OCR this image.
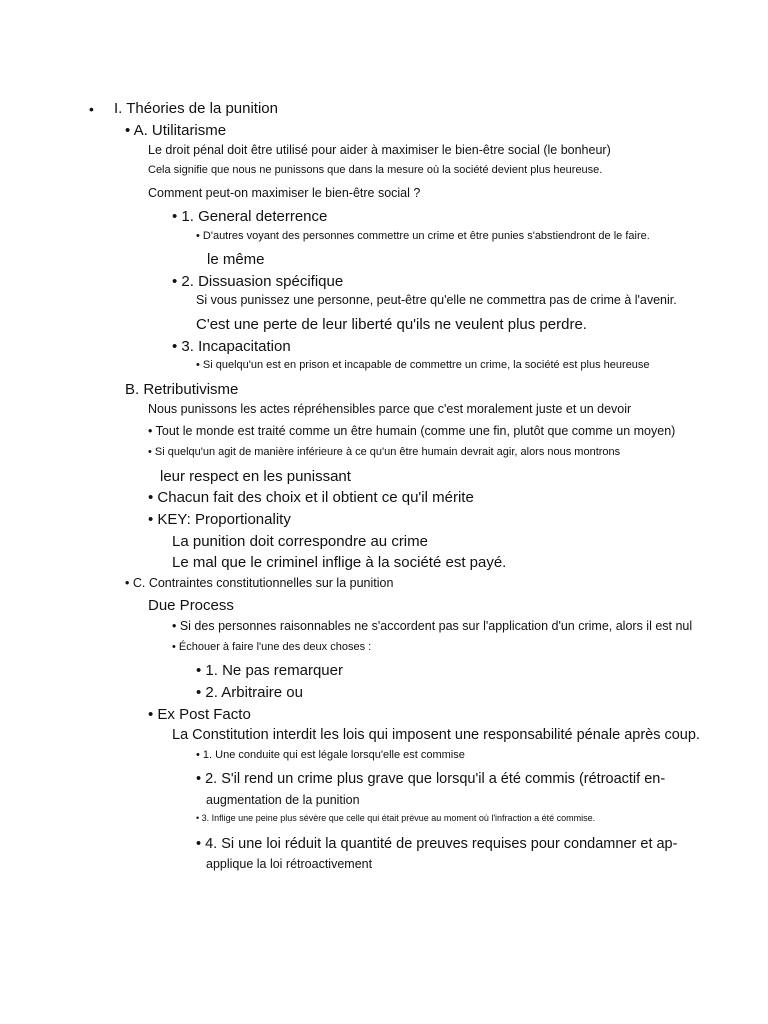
• I. Théories de la punition
• A. Utilitarisme
Le droit pénal doit être utilisé pour aider à maximiser le bien-être social (le bonheur)
Cela signifie que nous ne punissons que dans la mesure où la société devient plus heureuse.
Comment peut-on maximiser le bien-être social ?
• 1. General deterrence
• D'autres voyant des personnes commettre un crime et être punies s'abstiendront de le faire.
le même
• 2. Dissuasion spécifique
Si vous punissez une personne, peut-être qu'elle ne commettra pas de crime à l'avenir.
C'est une perte de leur liberté qu'ils ne veulent plus perdre.
• 3. Incapacitation
• Si quelqu'un est en prison et incapable de commettre un crime, la société est plus heureuse
B. Retributivisme
Nous punissons les actes répréhensibles parce que c'est moralement juste et un devoir
• Tout le monde est traité comme un être humain (comme une fin, plutôt que comme un moyen)
• Si quelqu'un agit de manière inférieure à ce qu'un être humain devrait agir, alors nous montrons
leur respect en les punissant
• Chacun fait des choix et il obtient ce qu'il mérite
• KEY: Proportionality
La punition doit correspondre au crime
Le mal que le criminel inflige à la société est payé.
• C. Contraintes constitutionnelles sur la punition
Due Process
• Si des personnes raisonnables ne s'accordent pas sur l'application d'un crime, alors il est nul
• Échouer à faire l'une des deux choses :
• 1. Ne pas remarquer
• 2. Arbitraire ou
• Ex Post Facto
La Constitution interdit les lois qui imposent une responsabilité pénale après coup.
• 1. Une conduite qui est légale lorsqu'elle est commise
• 2. S'il rend un crime plus grave que lorsqu'il a été commis (rétroactif en-
augmentation de la punition
• 3. Inflige une peine plus sévère que celle qui était prévue au moment où l'infraction a été commise.
• 4. Si une loi réduit la quantité de preuves requises pour condamner et ap-
applique la loi rétroactivement
